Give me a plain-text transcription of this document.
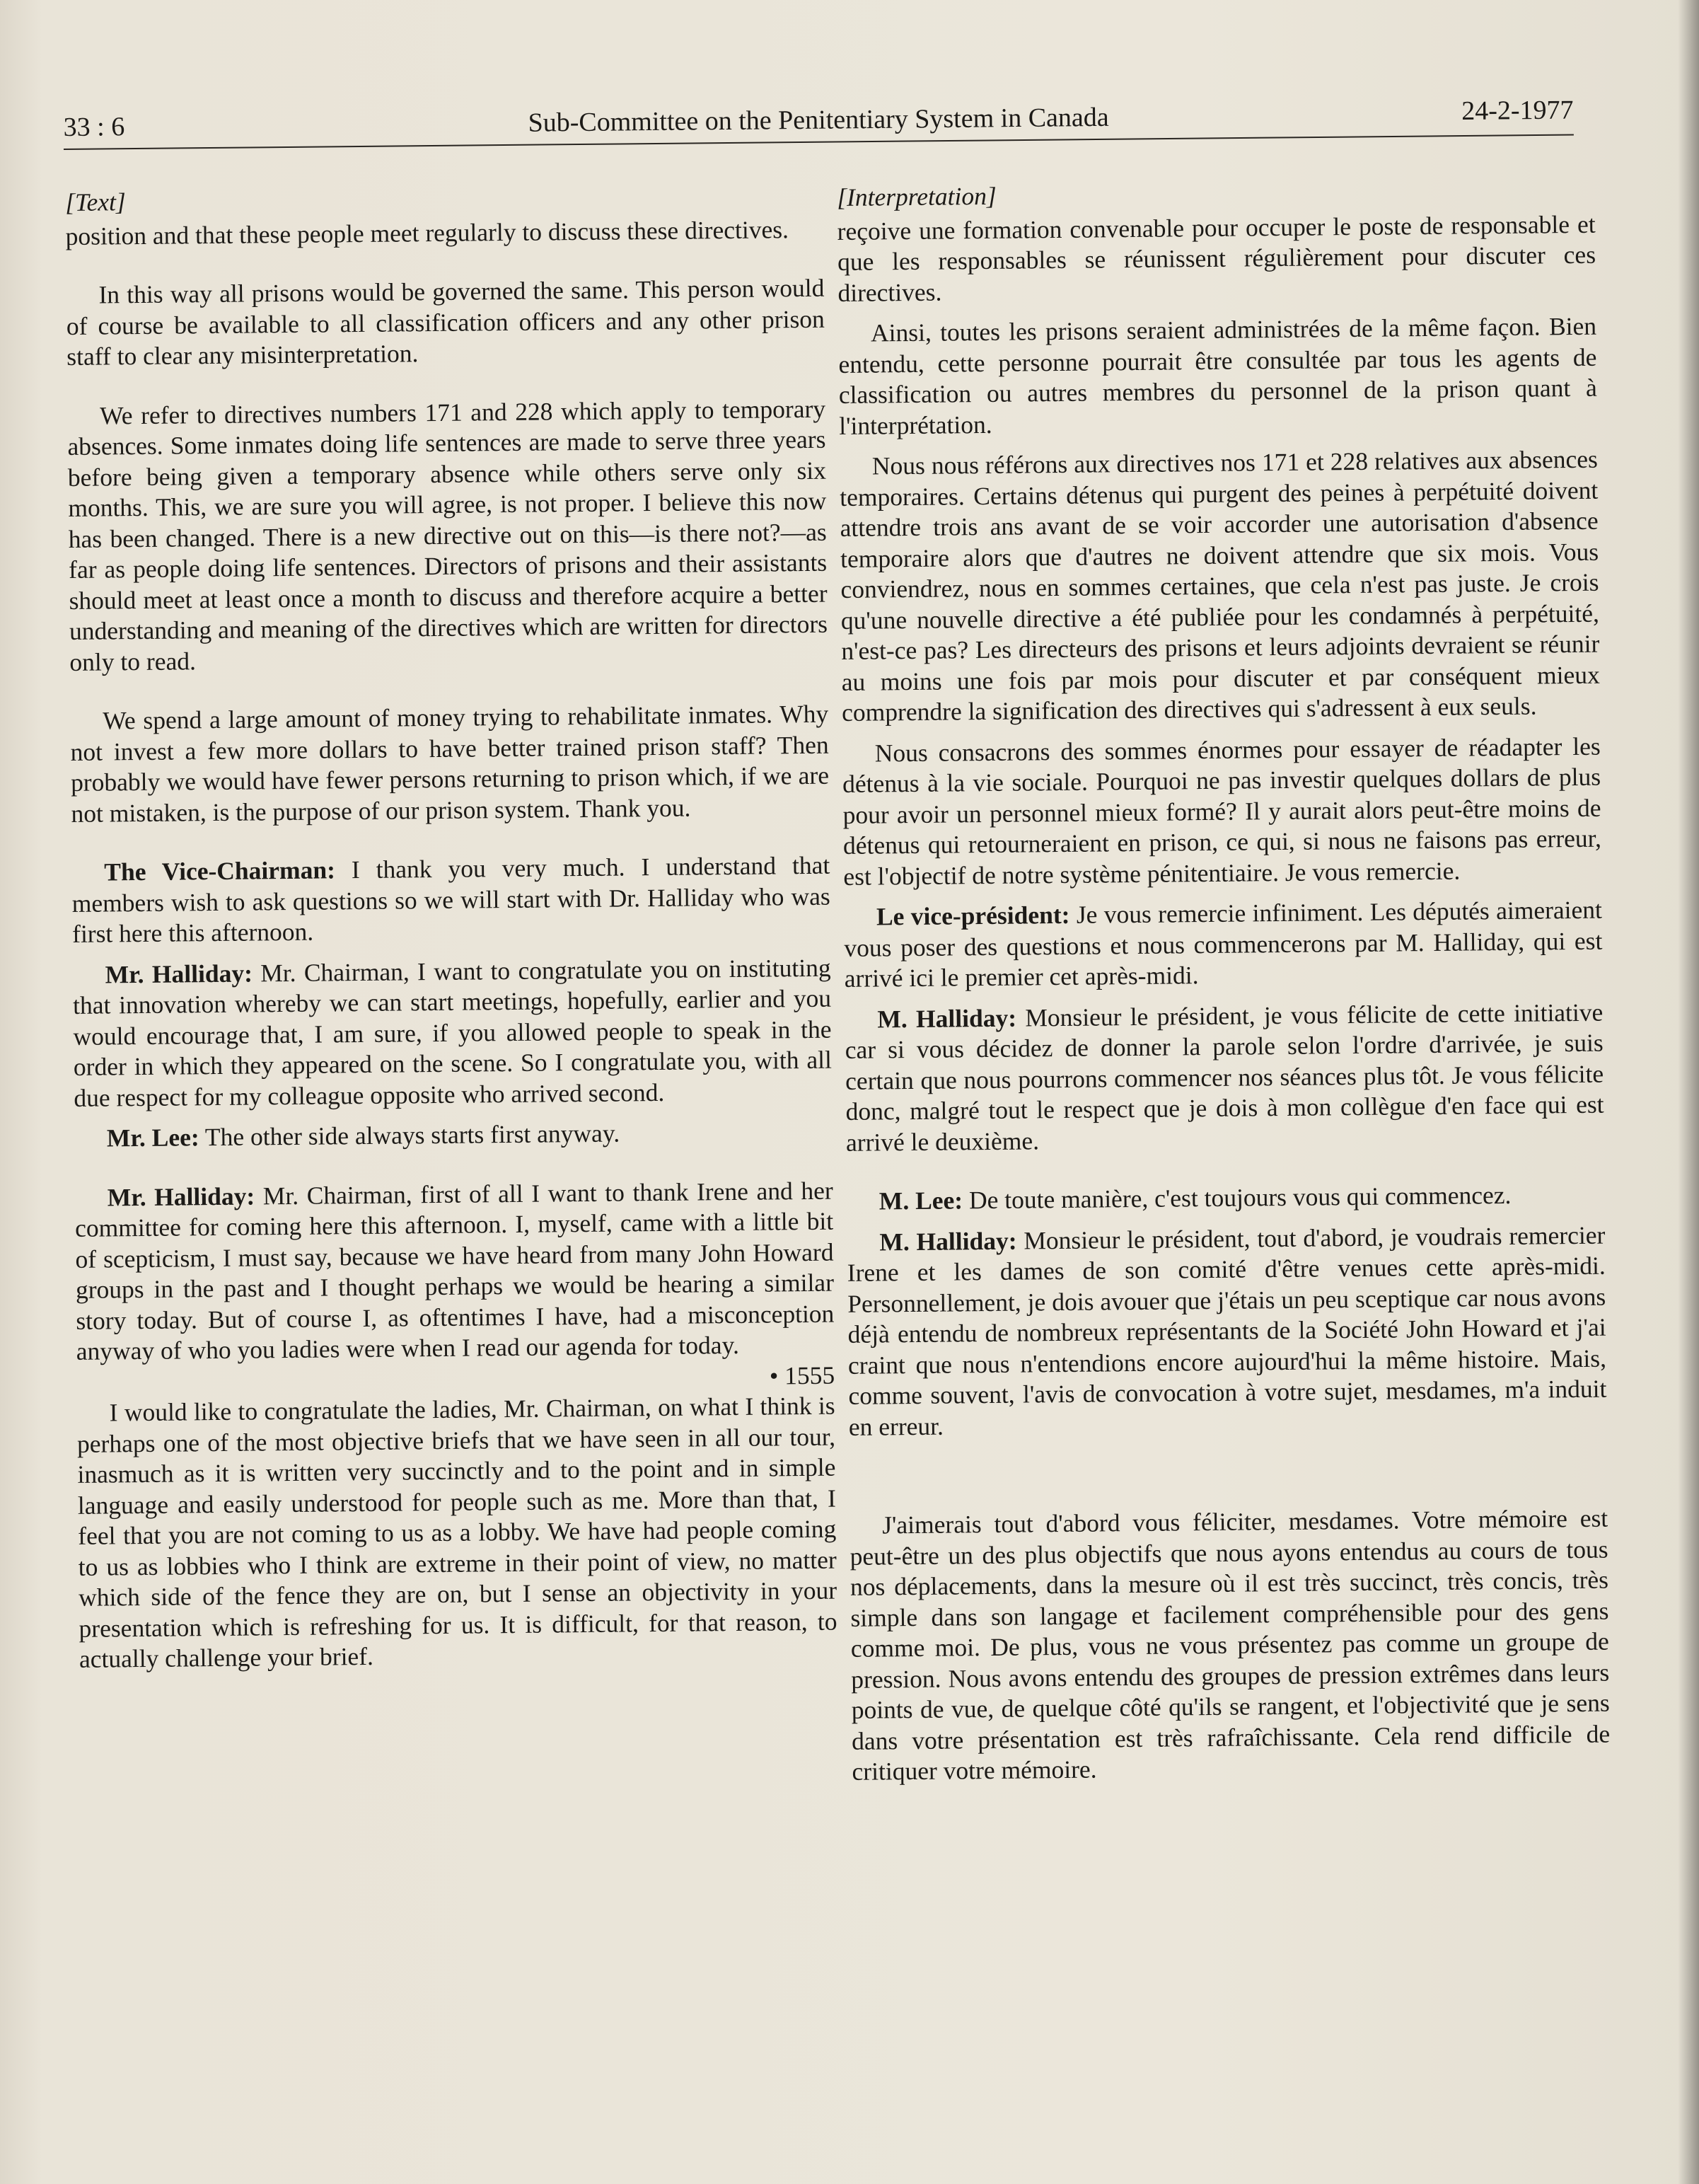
33 : 6	Sub-Committee on the Penitentiary System in Canada	24-2-1977
[Text]

position and that these people meet regularly to discuss these directives.

In this way all prisons would be governed the same. This person would of course be available to all classification officers and any other prison staff to clear any misinterpretation.

We refer to directives numbers 171 and 228 which apply to temporary absences. Some inmates doing life sentences are made to serve three years before being given a temporary absence while others serve only six months. This, we are sure you will agree, is not proper. I believe this now has been changed. There is a new directive out on this—is there not?—as far as people doing life sentences. Directors of prisons and their assistants should meet at least once a month to discuss and therefore acquire a better understanding and meaning of the directives which are written for directors only to read.

We spend a large amount of money trying to rehabilitate inmates. Why not invest a few more dollars to have better trained prison staff? Then probably we would have fewer persons returning to prison which, if we are not mistaken, is the purpose of our prison system. Thank you.

The Vice-Chairman: I thank you very much. I understand that members wish to ask questions so we will start with Dr. Halliday who was first here this afternoon.

Mr. Halliday: Mr. Chairman, I want to congratulate you on instituting that innovation whereby we can start meetings, hopefully, earlier and you would encourage that, I am sure, if you allowed people to speak in the order in which they appeared on the scene. So I congratulate you, with all due respect for my colleague opposite who arrived second.

Mr. Lee: The other side always starts first anyway.

Mr. Halliday: Mr. Chairman, first of all I want to thank Irene and her committee for coming here this afternoon. I, myself, came with a little bit of scepticism, I must say, because we have heard from many John Howard groups in the past and I thought perhaps we would be hearing a similar story today. But of course I, as oftentimes I have, had a misconception anyway of who you ladies were when I read our agenda for today.

• 1555

I would like to congratulate the ladies, Mr. Chairman, on what I think is perhaps one of the most objective briefs that we have seen in all our tour, inasmuch as it is written very succinctly and to the point and in simple language and easily understood for people such as me. More than that, I feel that you are not coming to us as a lobby. We have had people coming to us as lobbies who I think are extreme in their point of view, no matter which side of the fence they are on, but I sense an objectivity in your presentation which is refreshing for us. It is difficult, for that reason, to actually challenge your brief.

[Interpretation]

reçoive une formation convenable pour occuper le poste de responsable et que les responsables se réunissent régulièrement pour discuter ces directives.

Ainsi, toutes les prisons seraient administrées de la même façon. Bien entendu, cette personne pourrait être consultée par tous les agents de classification ou autres membres du personnel de la prison quant à l'interprétation.

Nous nous référons aux directives nos 171 et 228 relatives aux absences temporaires. Certains détenus qui purgent des peines à perpétuité doivent attendre trois ans avant de se voir accorder une autorisation d'absence temporaire alors que d'autres ne doivent attendre que six mois. Vous conviendrez, nous en sommes certaines, que cela n'est pas juste. Je crois qu'une nouvelle directive a été publiée pour les condamnés à perpétuité, n'est-ce pas? Les directeurs des prisons et leurs adjoints devraient se réunir au moins une fois par mois pour discuter et par conséquent mieux comprendre la signification des directives qui s'adressent à eux seuls.

Nous consacrons des sommes énormes pour essayer de réadapter les détenus à la vie sociale. Pourquoi ne pas investir quelques dollars de plus pour avoir un personnel mieux formé? Il y aurait alors peut-être moins de détenus qui retourneraient en prison, ce qui, si nous ne faisons pas erreur, est l'objectif de notre système pénitentiaire. Je vous remercie.

Le vice-président: Je vous remercie infiniment. Les députés aimeraient vous poser des questions et nous commencerons par M. Halliday, qui est arrivé ici le premier cet après-midi.

M. Halliday: Monsieur le président, je vous félicite de cette initiative car si vous décidez de donner la parole selon l'ordre d'arrivée, je suis certain que nous pourrons commencer nos séances plus tôt. Je vous félicite donc, malgré tout le respect que je dois à mon collègue d'en face qui est arrivé le deuxième.

M. Lee: De toute manière, c'est toujours vous qui commencez.

M. Halliday: Monsieur le président, tout d'abord, je voudrais remercier Irene et les dames de son comité d'être venues cette après-midi. Personnellement, je dois avouer que j'étais un peu sceptique car nous avons déjà entendu de nombreux représentants de la Société John Howard et j'ai craint que nous n'entendions encore aujourd'hui la même histoire. Mais, comme souvent, l'avis de convocation à votre sujet, mesdames, m'a induit en erreur.

J'aimerais tout d'abord vous féliciter, mesdames. Votre mémoire est peut-être un des plus objectifs que nous ayons entendus au cours de tous nos déplacements, dans la mesure où il est très succinct, très concis, très simple dans son langage et facilement compréhensible pour des gens comme moi. De plus, vous ne vous présentez pas comme un groupe de pression. Nous avons entendu des groupes de pression extrêmes dans leurs points de vue, de quelque côté qu'ils se rangent, et l'objectivité que je sens dans votre présentation est très rafraîchissante. Cela rend difficile de critiquer votre mémoire.
